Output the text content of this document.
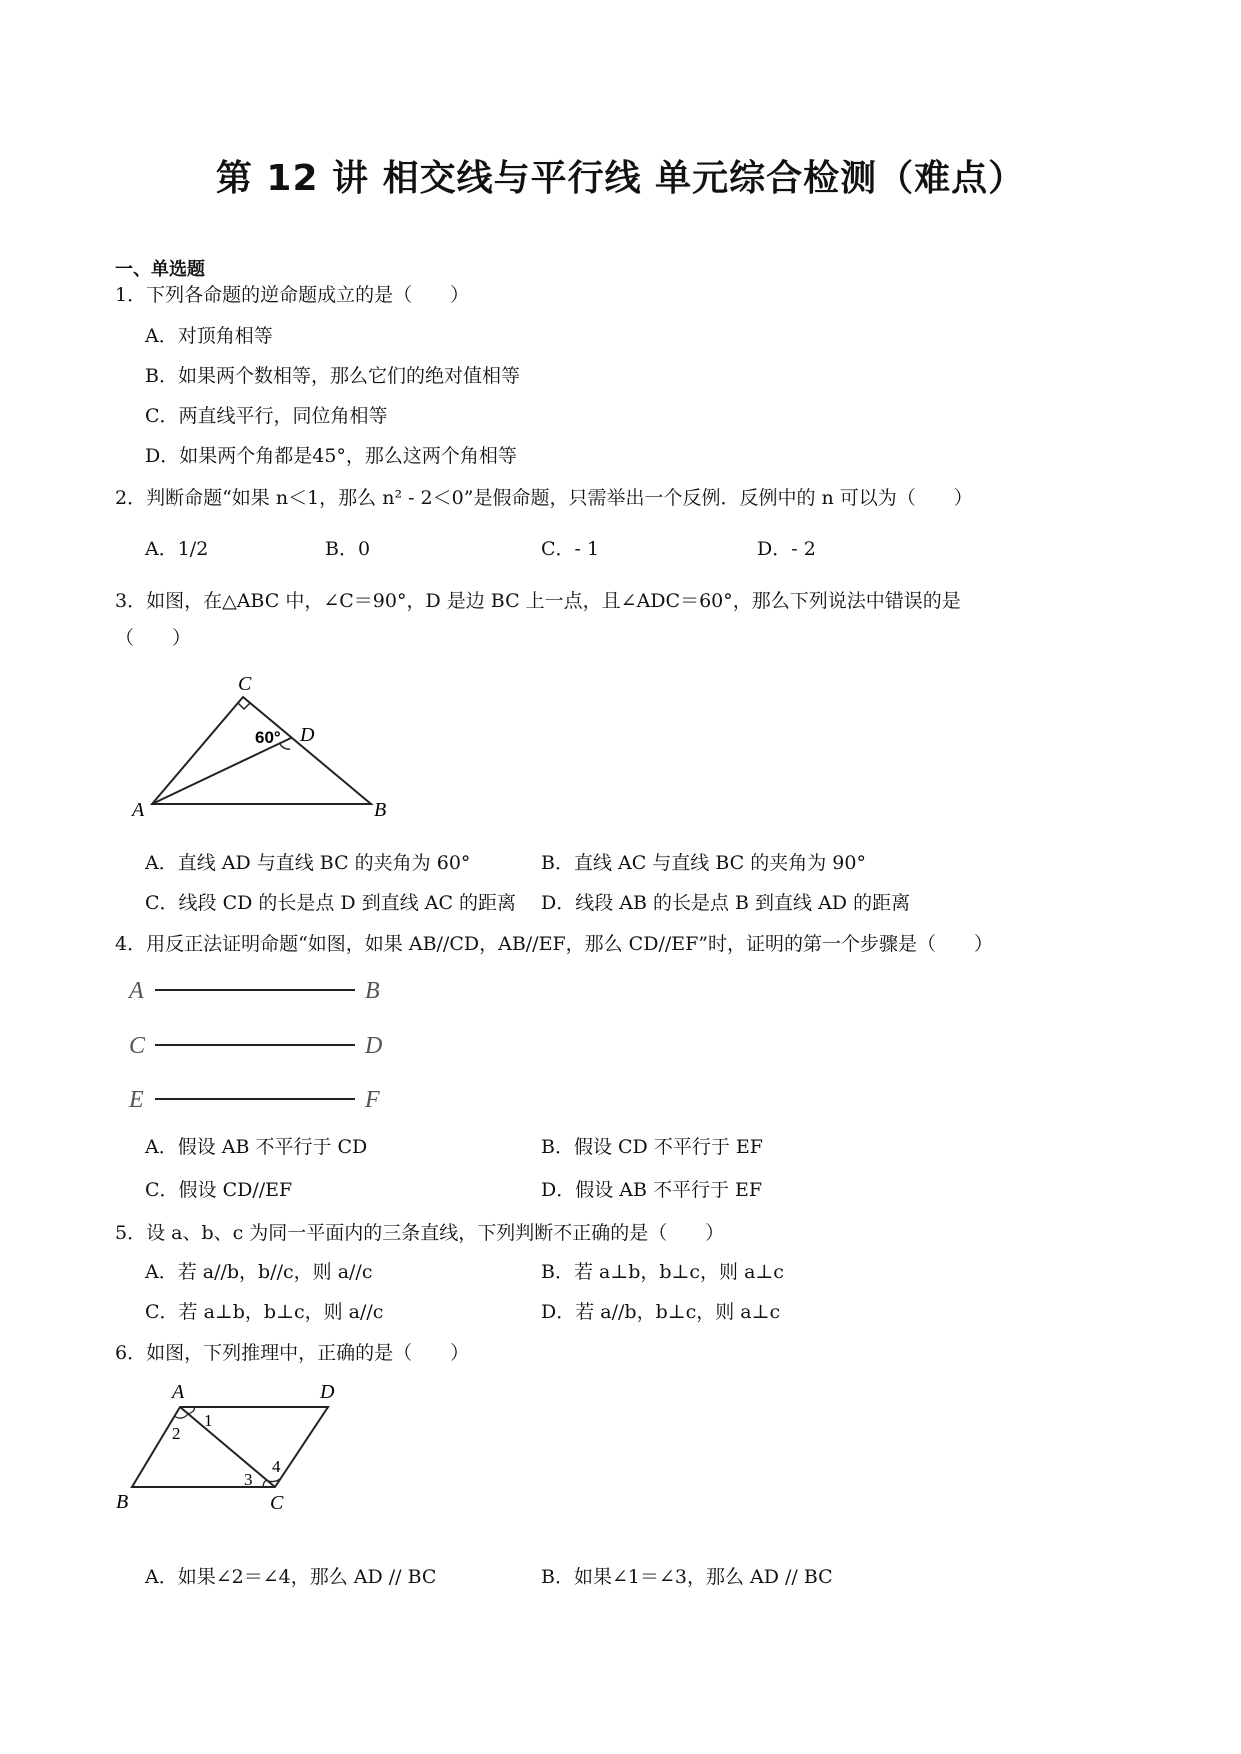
第 12 讲 相交线与平行线 单元综合检测（难点）
一、单选题
1．下列各命题的逆命题成立的是（　　）
A．对顶角相等
B．如果两个数相等，那么它们的绝对值相等
C．两直线平行，同位角相等
D．如果两个角都是45°，那么这两个角相等
2．判断命题“如果 n＜1，那么 n² - 2＜0”是假命题，只需举出一个反例．反例中的 n 可以为（　　）
A．1/2	B．0	C．- 1	D．- 2
3．如图，在△ABC 中，∠C＝90°，D 是边 BC 上一点，且∠ADC＝60°，那么下列说法中错误的是
（　　）
C
D
A	B
60°
A．直线 AD 与直线 BC 的夹角为 60°	B．直线 AC 与直线 BC 的夹角为 90°
C．线段 CD 的长是点 D 到直线 AC 的距离 D．线段 AB 的长是点 B 到直线 AD 的距离
4．用反正法证明命题“如图，如果 AB//CD，AB//EF，那么 CD//EF”时，证明的第一个步骤是（　　）
A	B
C	D
E	F
A．假设 AB 不平行于 CD	B．假设 CD 不平行于 EF
C．假设 CD//EF	D．假设 AB 不平行于 EF
5．设 a、b、c 为同一平面内的三条直线，下列判断不正确的是（　　）
A．若 a//b，b//c，则 a//c	B．若 a⊥b，b⊥c，则 a⊥c
C．若 a⊥b，b⊥c，则 a//c	D．若 a//b，b⊥c，则 a⊥c
6．如图，下列推理中，正确的是（　　）
A	D
B	C
1
2
3
4
A．如果∠2＝∠4，那么 AD // BC	B．如果∠1＝∠3，那么 AD // BC
